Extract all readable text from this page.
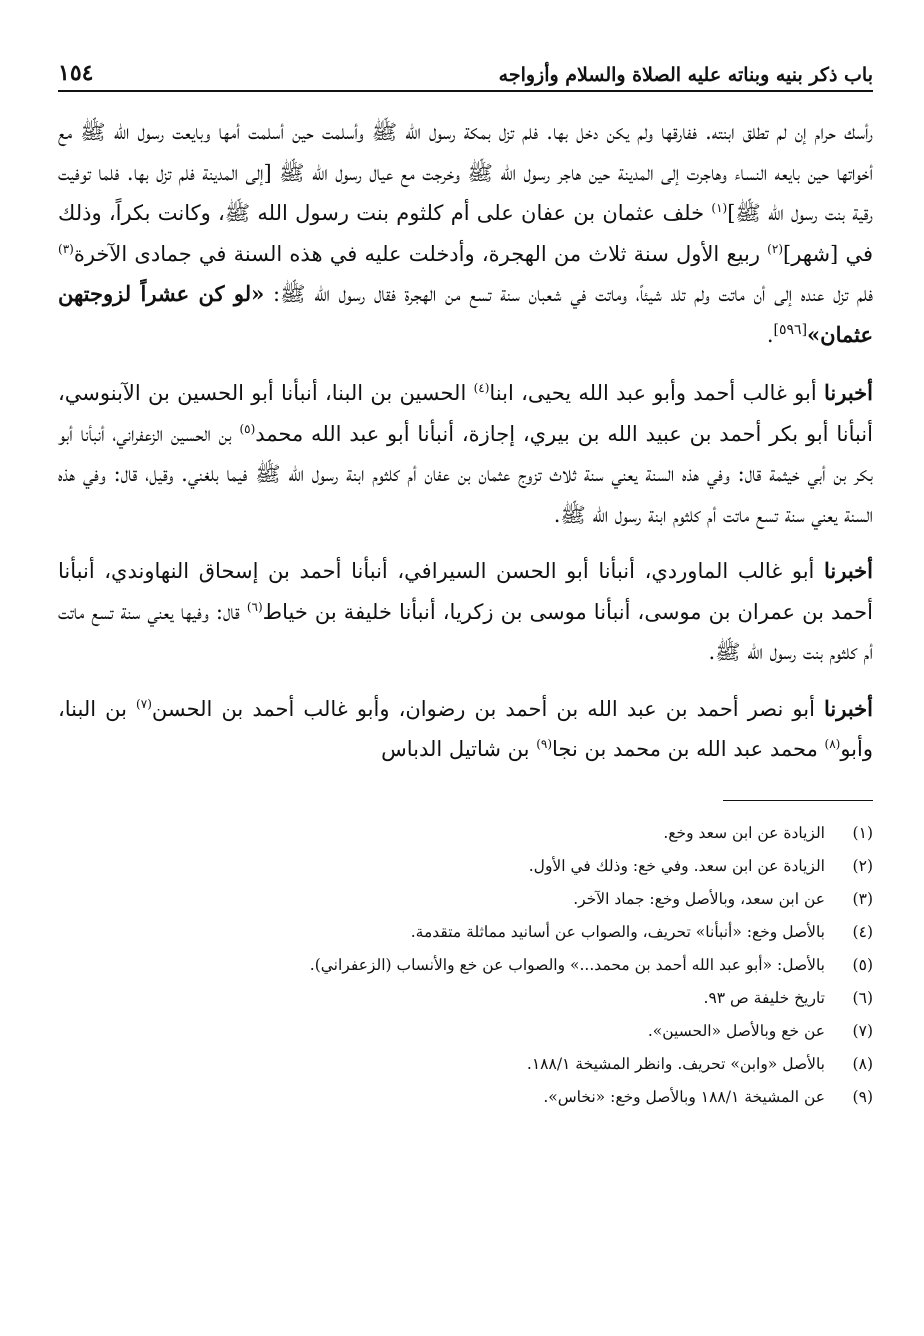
باب ذكر بنيه وبناته عليه الصلاة والسلام وأزواجه
١٥٤

رأسك حرام إن لم تطلق ابنته. ففارقها ولم يكن دخل بها. فلم تزل بمكة رسول الله ﷺ وأسلمت حين أسلمت أمها وبايعت رسول الله ﷺ مع أخواتها حين بايعه النساء وهاجرت إلى المدينة حين هاجر رسول الله ﷺ وخرجت مع عيال رسول الله ﷺ [إلى المدينة فلم تزل بها. فلما توفيت رقية بنت رسول الله ﷺ]$^{(١)}$ خلف عثمان بن عفان على أم كلثوم بنت رسول الله ﷺ، وكانت بكراً، وذلك في [شهر]$^{(٢)}$ ربيع الأول سنة ثلاث من الهجرة، وأدخلت عليه في هذه السنة في جمادى الآخرة$^{(٣)}$ فلم تزل عنده إلى أن ماتت ولم تلد شيئاً، وماتت في شعبان سنة تسع من الهجرة فقال رسول الله ﷺ: «لو كن عشراً لزوجتهن عثمان»[٥٩٦].

أخبرنا أبو غالب أحمد وأبو عبد الله يحيى، ابنا$^{(٤)}$ الحسين بن البنا، أنبأنا أبو الحسين بن الآبنوسي، أنبأنا أبو بكر أحمد بن عبيد الله بن بيري، إجازة، أنبأنا أبو عبد الله محمد$^{(٥)}$ بن الحسين الزعفراني، أنبأنا أبو بكر بن أبي خيثمة قال: وفي هذه السنة يعني سنة ثلاث تزوج عثمان بن عفان أم كلثوم ابنة رسول الله ﷺ فيما بلغني. وقيل، قال: وفي هذه السنة يعني سنة تسع ماتت أم كلثوم ابنة رسول الله ﷺ.

أخبرنا أبو غالب الماوردي، أنبأنا أبو الحسن السيرافي، أنبأنا أحمد بن إسحاق النهاوندي، أنبأنا أحمد بن عمران بن موسى، أنبأنا موسى بن زكريا، أنبأنا خليفة بن خياط$^{(٦)}$ قال: وفيها يعني سنة تسع ماتت أم كلثوم بنت رسول الله ﷺ.

أخبرنا أبو نصر أحمد بن عبد الله بن أحمد بن رضوان، وأبو غالب أحمد بن الحسن$^{(٧)}$ بن البنا، وأبو$^{(٨)}$ محمد عبد الله بن محمد بن نجا$^{(٩)}$ بن شاتيل الدباس

(١)
الزيادة عن ابن سعد وخع.
(٢)
الزيادة عن ابن سعد. وفي خع: وذلك في الأول.
(٣)
عن ابن سعد، وبالأصل وخع: جماد الآخر.
(٤)
بالأصل وخع: «أنبأنا» تحريف، والصواب عن أسانيد مماثلة متقدمة.
(٥)
بالأصل: «أبو عبد الله أحمد بن محمد...» والصواب عن خع والأنساب (الزعفراني).
(٦)
تاريخ خليفة ص ٩٣.
(٧)
عن خع وبالأصل «الحسين».
(٨)
بالأصل «وابن» تحريف. وانظر المشيخة ١٨٨/١.
(٩)
عن المشيخة ١٨٨/١ وبالأصل وخع: «نخاس».
